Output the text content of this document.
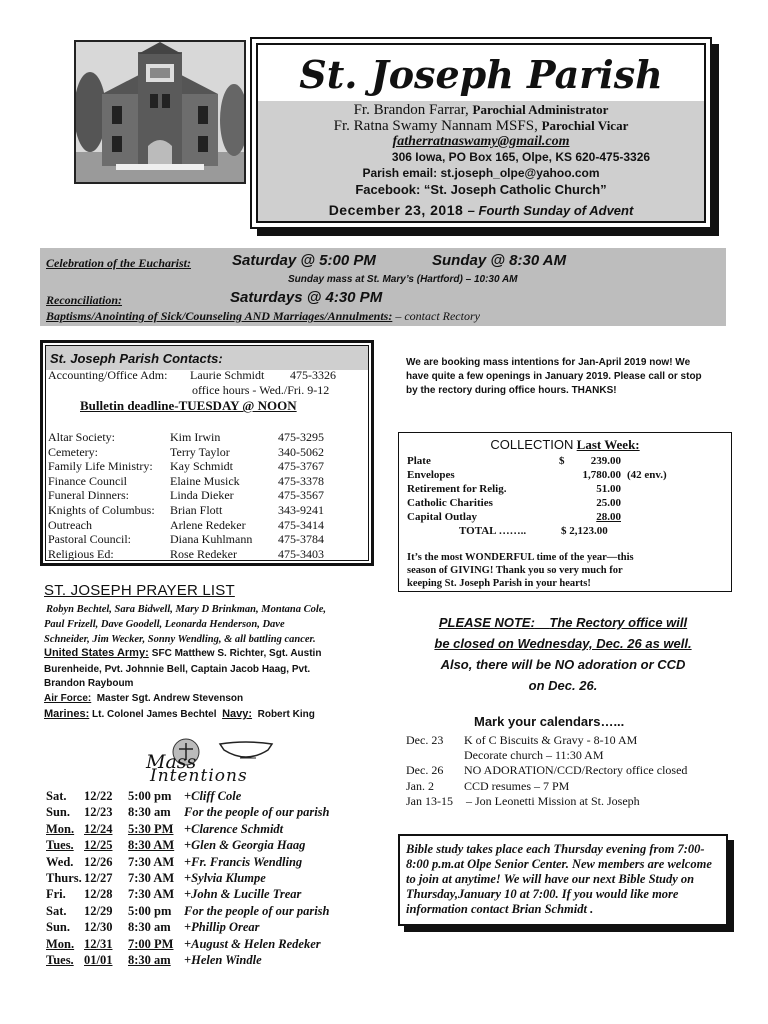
St. Joseph Parish
Fr. Brandon Farrar, Parochial Administrator
Fr. Ratna Swamy Nannam MSFS, Parochial Vicar
fatherratnaswamy@gmail.com
306 Iowa, PO Box 165, Olpe, KS 620-475-3326
Parish email: st.joseph_olpe@yahoo.com
Facebook: “St. Joseph Catholic Church”
December 23, 2018 – Fourth Sunday of Advent
Celebration of the Eucharist:	Saturday @ 5:00 PM	Sunday @ 8:30 AM
Sunday mass at St. Mary’s (Hartford) – 10:30 AM
Reconciliation:	Saturdays @ 4:30 PM
Baptisms/Anointing of Sick/Counseling AND Marriages/Annulments: – contact Rectory
St. Joseph Parish Contacts:
Accounting/Office Adm: Laurie Schmidt 475-3326
office hours - Wed./Fri. 9-12
Bulletin deadline-TUESDAY @ NOON
Altar Society:	Kim Irwin	475-3295
Cemetery:	Terry Taylor	340-5062
Family Life Ministry: Kay Schmidt	475-3767
Finance Council	Elaine Musick	475-3378
Funeral Dinners:	Linda Dieker	475-3567
Knights of Columbus: Brian Flott	343-9241
Outreach	Arlene Redeker	475-3414
Pastoral Council:	Diana Kuhlmann 475-3784
Religious Ed:	Rose Redeker	475-3403
ST. JOSEPH PRAYER LIST
Robyn Bechtel, Sara Bidwell, Mary D Brinkman, Montana Cole,
Paul Frizell, Dave Goodell, Leonarda Henderson, Dave
Schneider, Jim Wecker, Sonny Wendling, & all battling cancer.
United States Army: SFC Matthew S. Richter, Sgt. Austin
Burenheide, Pvt. Johnnie Bell, Captain Jacob Haag, Pvt.
Brandon Rayboum
Air Force: Master Sgt. Andrew Stevenson
Marines: Lt. Colonel James Bechtel Navy: Robert King
Mass
Intentions
Sat. 12/22 5:00 pm +Cliff Cole
Sun. 12/23 8:30 am For the people of our parish
Mon. 12/24 5:30 PM +Clarence Schmidt
Tues. 12/25 8:30 AM +Glen & Georgia Haag
Wed. 12/26 7:30 AM +Fr. Francis Wendling
Thurs. 12/27 7:30 AM +Sylvia Klumpe
Fri. 12/28 7:30 AM +John & Lucille Trear
Sat. 12/29 5:00 pm For the people of our parish
Sun. 12/30 8:30 am +Phillip Orear
Mon. 12/31 7:00 PM +August & Helen Redeker
Tues. 01/01 8:30 am +Helen Windle
We are booking mass intentions for Jan-April 2019 now! We
have quite a few openings in January 2019. Please call or stop
by the rectory during office hours. THANKS!
COLLECTION Last Week:
Plate	$ 239.00
Envelopes	1,780.00 (42 env.)
Retirement for Relig.	51.00
Catholic Charities	25.00
Capital Outlay	28.00
TOTAL ……..	$ 2,123.00
It’s the most WONDERFUL time of the year—this
season of GIVING! Thank you so very much for
keeping St. Joseph Parish in your hearts!
PLEASE NOTE: The Rectory office will
be closed on Wednesday, Dec. 26 as well.
Also, there will be NO adoration or CCD
on Dec. 26.
Mark your calendars…...
Dec. 23 K of C Biscuits & Gravy - 8-10 AM
Decorate church – 11:30 AM
Dec. 26 NO ADORATION/CCD/Rectory office closed
Jan. 2	CCD resumes – 7 PM
Jan 13-15 – Jon Leonetti Mission at St. Joseph
Bible study takes place each Thursday evening from 7:00-8:00 p.m.at Olpe Senior Center. New members are welcome to join at anytime! We will have our next Bible Study on Thursday,January 10 at 7:00. If you would like more information contact Brian Schmidt .
